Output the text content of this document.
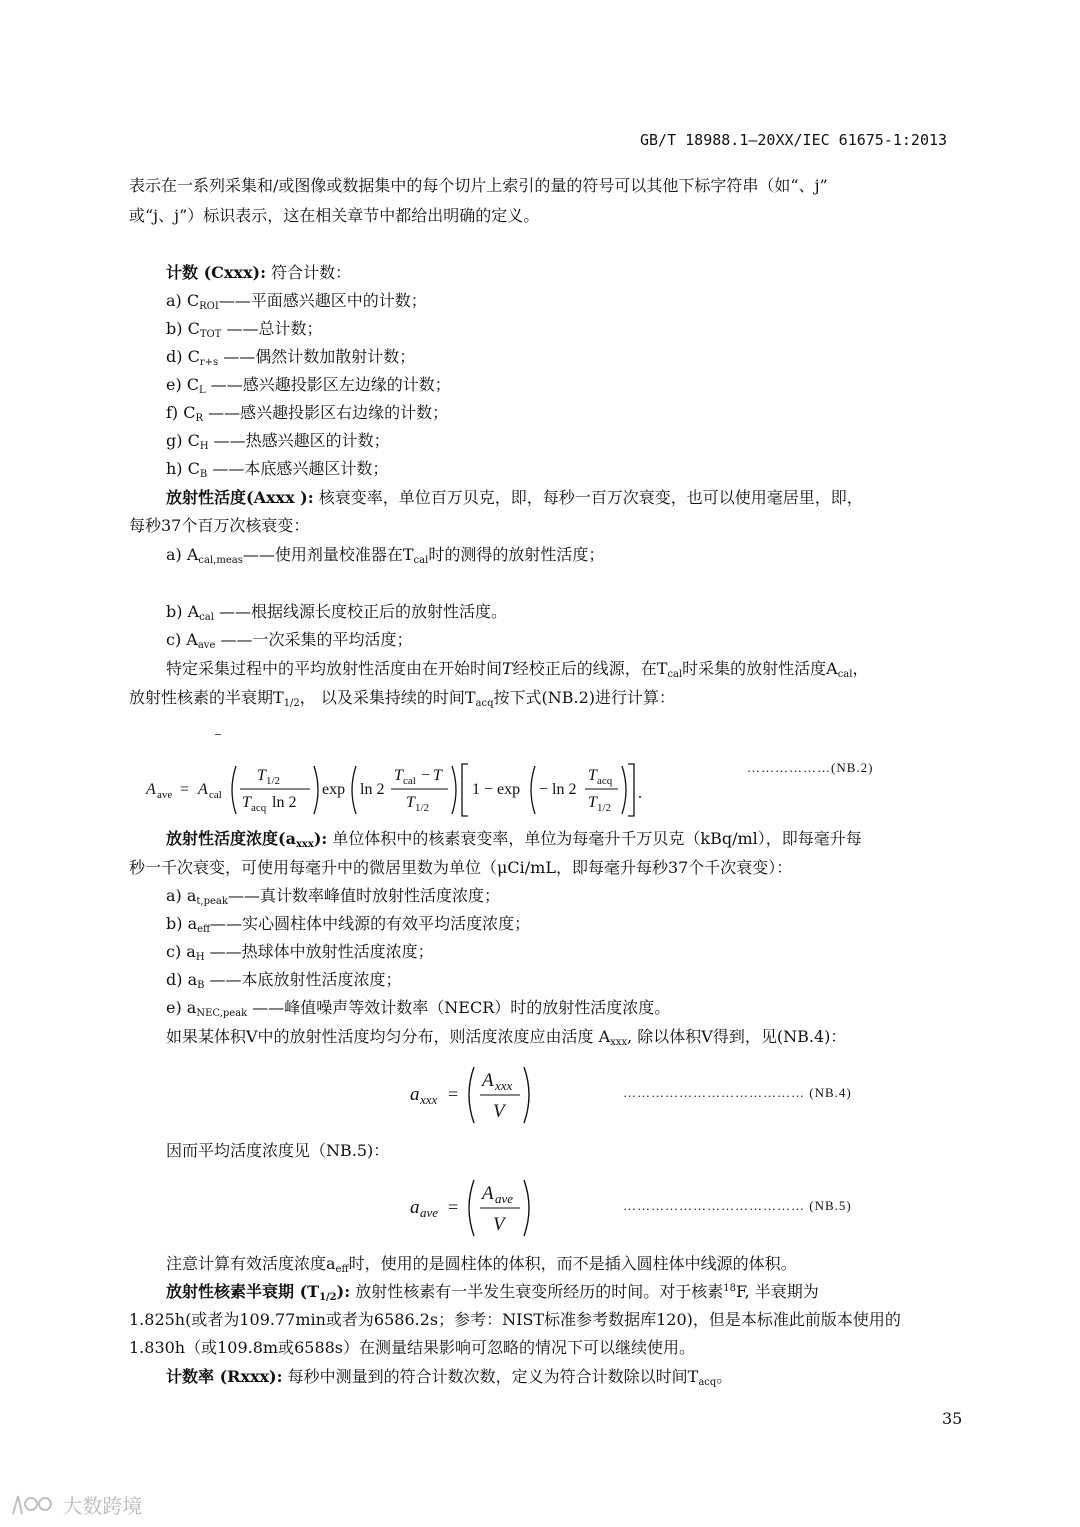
GB/T 18988.1—20XX/IEC 61675-1:2013
表示在一系列采集和/或图像或数据集中的每个切片上索引的量的符号可以其他下标字符串（如“、j”
或“j、j”）标识表示，这在相关章节中都给出明确的定义。
计数 (Cxxx): 符合计数：
a) $C_{ROI}——$平面感兴趣区中的计数；
b) $C_{TOT}$ ——总计数；
d) $C_{r+s}$ ——偶然计数加散射计数；
e) $C_L$ ——感兴趣投影区左边缘的计数；
f) $C_R$ ——感兴趣投影区右边缘的计数；
g) $C_H$ ——热感兴趣区的计数；
h) $C_B$ ——本底感兴趣区计数；
放射性活度(Axxx ): 核衰变率，单位百万贝克，即，每秒一百万次衰变，也可以使用毫居里，即，
每秒37个百万次核衰变：
a) $A_{cal,meas}——$使用剂量校准器在$T_{cal}$时的测得的放射性活度；
b) $A_{cal}$ ——根据线源长度校正后的放射性活度。
c) $A_{ave}$ ——一次采集的平均活度；
特定采集过程中的平均放射性活度由在开始时间T经校正后的线源，在$T_{cal}$时采集的放射性活度$A_{cal}$，
放射性核素的半衰期$T_{1/2}$， 以及采集持续的时间$T_{acq}$按下式(NB.2)进行计算：
A ave = A cal
T 1/2
T acq ln 2
exp ln 2
T cal − T
T 1/2
1 − exp − ln 2
T acq
T 1/2
.
………………(NB.2)
放射性活度浓度$(a_{xxx})$: 单位体积中的核素衰变率，单位为每毫升千万贝克（kBq/ml），即每毫升每
秒一千次衰变，可使用每毫升中的微居里数为单位（μCi/mL，即每毫升每秒37个千次衰变）：
a) $a_{t,peak}——$真计数率峰值时放射性活度浓度；
b) $a_{eff}——$实心圆柱体中线源的有效平均活度浓度；
c) $a_H$ ——热球体中放射性活度浓度；
d) $a_B$ ——本底放射性活度浓度；
e) $a_{NEC,peak}$ ——峰值噪声等效计数率（NECR）时的放射性活度浓度。
如果某体积V中的放射性活度均匀分布，则活度浓度应由活度 $A_{xxx}$, 除以体积V得到，见(NB.4)：
a xxx =
A xxx
V
………………………………… (NB.4)
因而平均活度浓度见（NB.5)：
a ave =
A ave
V
………………………………… (NB.5)
注意计算有效活度浓度$a_{eff}$时，使用的是圆柱体的体积，而不是插入圆柱体中线源的体积。
放射性核素半衰期 $(T_{1/2})$: 放射性核素有一半发生衰变所经历的时间。对于核素$^{18}$F, 半衰期为
1.825h(或者为109.77min或者为6586.2s；参考：NIST标准参考数据库120)，但是本标准此前版本使用的
1.830h（或109.8m或6588s）在测量结果影响可忽略的情况下可以继续使用。
计数率 (Rxxx): 每秒中测量到的符合计数次数，定义为符合计数除以时间$T_{acq}$。
35
大数跨境
